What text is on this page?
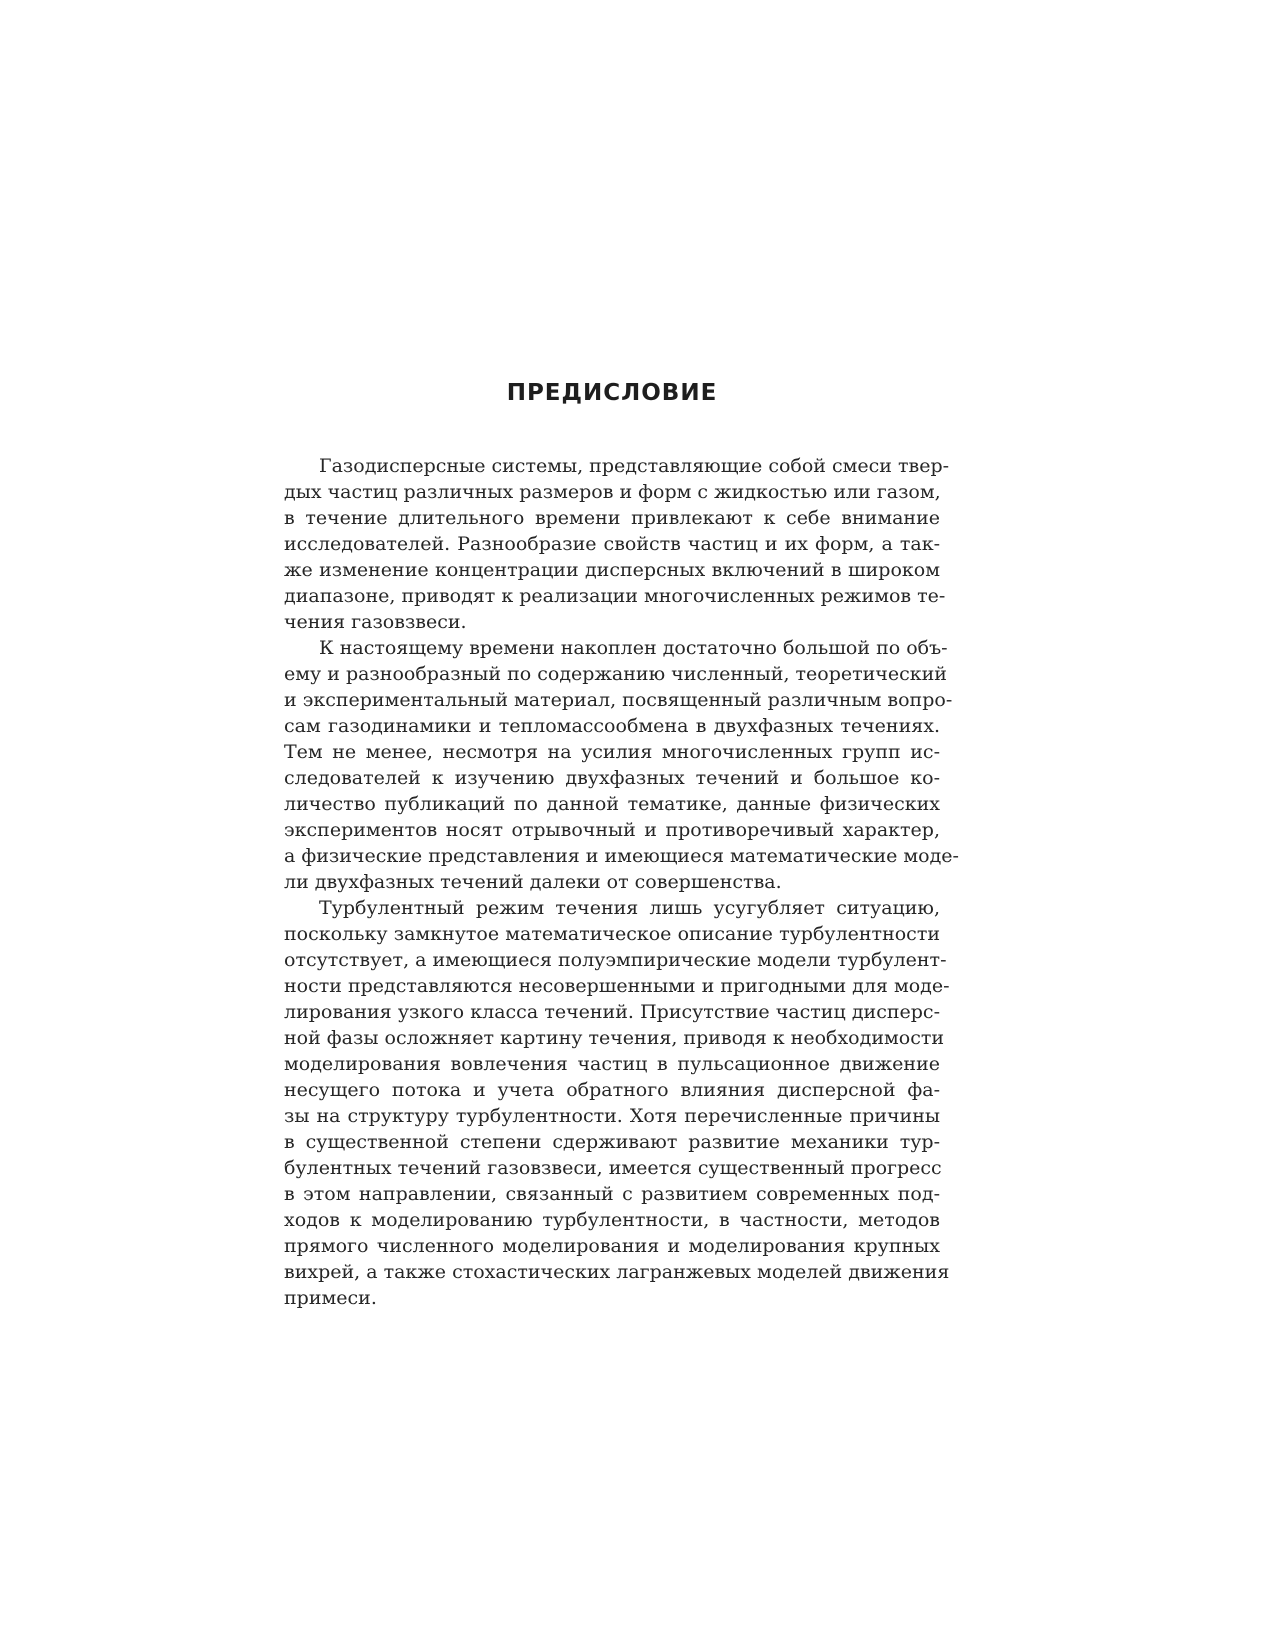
ПРЕДИСЛОВИЕ
Газодисперсные системы, представляющие собой смеси твер-
дых частиц различных размеров и форм с жидкостью или газом,
в течение длительного времени привлекают к себе внимание
исследователей. Разнообразие свойств частиц и их форм, а так-
же изменение концентрации дисперсных включений в широком
диапазоне, приводят к реализации многочисленных режимов те-
чения газовзвеси.
К настоящему времени накоплен достаточно большой по объ-
ему и разнообразный по содержанию численный, теоретический
и экспериментальный материал, посвященный различным вопро-
сам газодинамики и тепломассообмена в двухфазных течениях.
Тем не менее, несмотря на усилия многочисленных групп ис-
следователей к изучению двухфазных течений и большое ко-
личество публикаций по данной тематике, данные физических
экспериментов носят отрывочный и противоречивый характер,
а физические представления и имеющиеся математические моде-
ли двухфазных течений далеки от совершенства.
Турбулентный режим течения лишь усугубляет ситуацию,
поскольку замкнутое математическое описание турбулентности
отсутствует, а имеющиеся полуэмпирические модели турбулент-
ности представляются несовершенными и пригодными для моде-
лирования узкого класса течений. Присутствие частиц дисперс-
ной фазы осложняет картину течения, приводя к необходимости
моделирования вовлечения частиц в пульсационное движение
несущего потока и учета обратного влияния дисперсной фа-
зы на структуру турбулентности. Хотя перечисленные причины
в существенной степени сдерживают развитие механики тур-
булентных течений газовзвеси, имеется существенный прогресс
в этом направлении, связанный с развитием современных под-
ходов к моделированию турбулентности, в частности, методов
прямого численного моделирования и моделирования крупных
вихрей, а также стохастических лагранжевых моделей движения
примеси.
